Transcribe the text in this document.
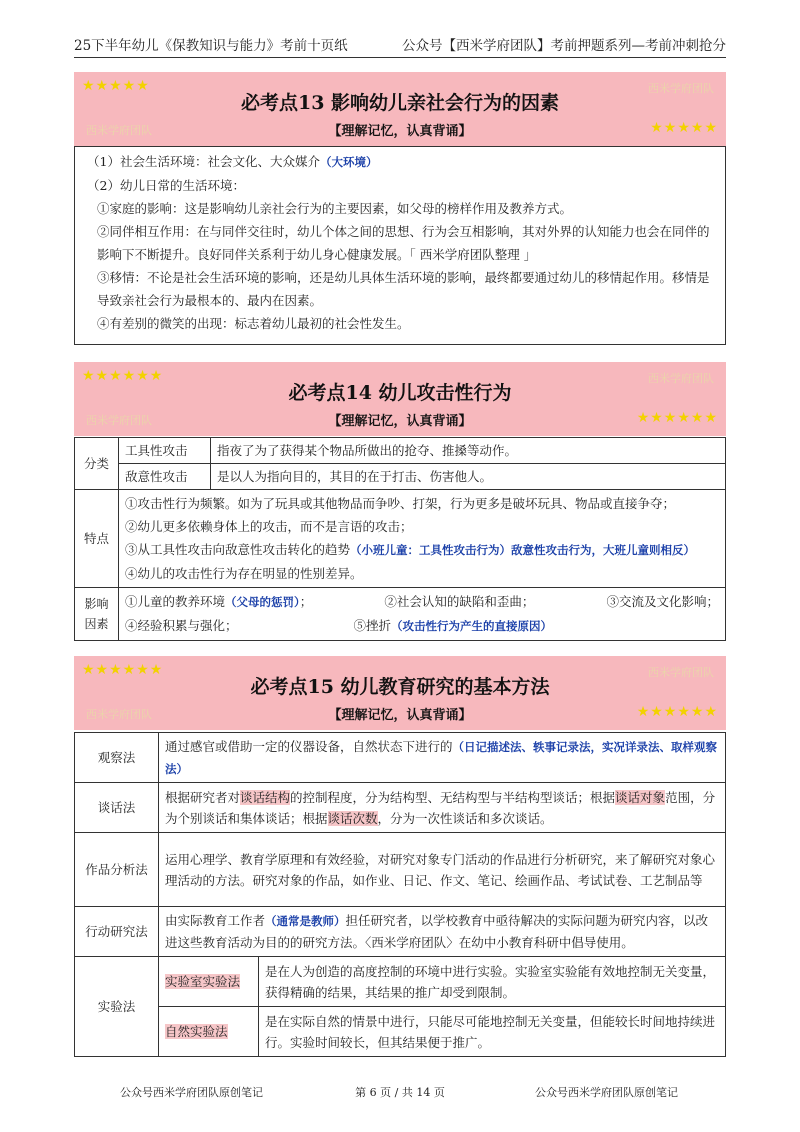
25下半年幼儿《保教知识与能力》考前十页纸	公众号【西米学府团队】考前押题系列—考前冲刺抢分
★★★★★	西米学府团队
西米学府团队	★★★★★
必考点13 影响幼儿亲社会行为的因素
【理解记忆，认真背诵】

（1）社会生活环境：社会文化、大众媒介（大环境）

（2）幼儿日常的生活环境：

①家庭的影响：这是影响幼儿亲社会行为的主要因素，如父母的榜样作用及教养方式。

②同伴相互作用：在与同伴交往时，幼儿个体之间的思想、行为会互相影响，其对外界的认知能力也会在同伴的影响下不断提升。良好同伴关系利于幼儿身心健康发展。「 西米学府团队整理 」

③移情：不论是社会生活环境的影响，还是幼儿具体生活环境的影响，最终都要通过幼儿的移情起作用。移情是导致亲社会行为最根本的、最内在因素。

④有差别的微笑的出现：标志着幼儿最初的社会性发生。

★★★★★★	西米学府团队
西米学府团队	★★★★★★
必考点14 幼儿攻击性行为
【理解记忆，认真背诵】
分类	工具性攻击	指夜了为了获得某个物品所做出的抢夺、推搡等动作。
	敌意性攻击	是以人为指向目的，其目的在于打击、伤害他人。
特点	①攻击性行为频繁。如为了玩具或其他物品而争吵、打架，行为更多是破坏玩具、物品或直接争夺；
②幼儿更多依赖身体上的攻击，而不是言语的攻击；
③从工具性攻击向敌意性攻击转化的趋势（小班儿童：工具性攻击行为）敌意性攻击行为，大班儿童则相反）
④幼儿的攻击性行为存在明显的性别差异。	

影响因素	①儿童的教养环境（父母的惩罚）； ②社会认知的缺陷和歪曲； ③交流及文化影响；
④经验积累与强化； ⑤挫折（攻击性行为产生的直接原因）	
★★★★★★	西米学府团队
西米学府团队	★★★★★★
必考点15 幼儿教育研究的基本方法
【理解记忆，认真背诵】
观察法	通过感官或借助一定的仪器设备，自然状态下进行的（日记描述法、轶事记录法，实况详录法、取样观察法）	
谈话法	根据研究者对谈话结构的控制程度，分为结构型、无结构型与半结构型谈话；根据谈话对象范围，分为个别谈话和集体谈话；根据谈话次数，分为一次性谈话和多次谈话。	
作品分析法	运用心理学、教育学原理和有效经验，对研究对象专门活动的作品进行分析研究，来了解研究对象心理活动的方法。研究对象的作品，如作业、日记、作文、笔记、绘画作品、考试试卷、工艺制品等	
行动研究法	由实际教育工作者（通常是教师）担任研究者，以学校教育中亟待解决的实际问题为研究内容，以改进这些教育活动为目的的研究方法。〈西米学府团队〉在幼中小教育科研中倡导使用。	
实验法	实验室实验法	是在人为创造的高度控制的环境中进行实验。实验室实验能有效地控制无关变量，获得精确的结果，其结果的推广却受到限制。
	自然实验法	是在实际自然的情景中进行，只能尽可能地控制无关变量，但能较长时间地持续进行。实验时间较长，但其结果便于推广。
公众号西米学府团队原创笔记	第 6 页 / 共 14 页	公众号西米学府团队原创笔记
